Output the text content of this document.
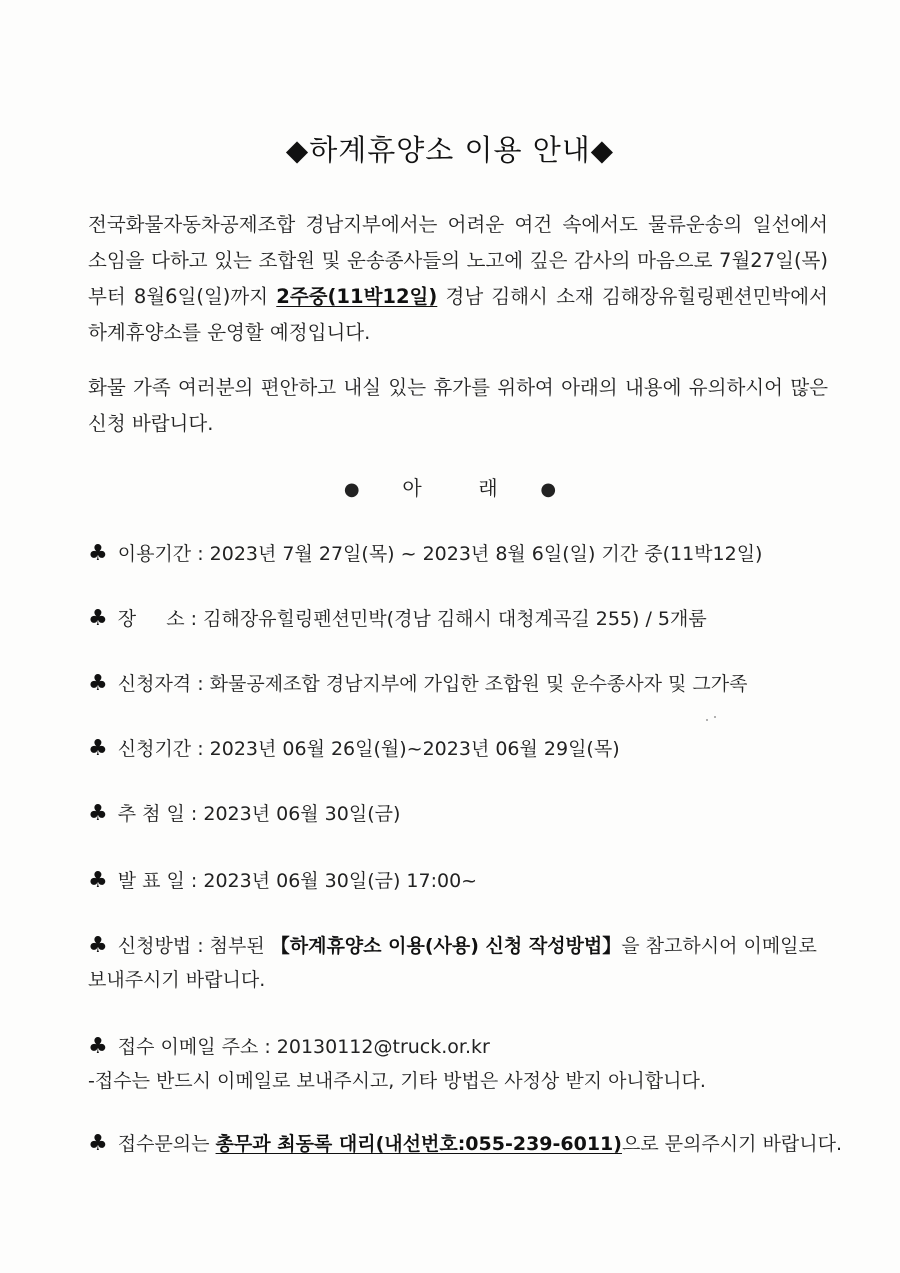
◆하계휴양소 이용 안내◆
전국화물자동차공제조합 경남지부에서는 어려운 여건 속에서도 물류운송의 일선에서 소임을 다하고 있는 조합원 및 운송종사들의 노고에 깊은 감사의 마음으로 7월27일(목)부터 8월6일(일)까지 2주중(11박12일) 경남 김해시 소재 김해장유힐링펜션민박에서 하계휴양소를 운영할 예정입니다.
화물 가족 여러분의 편안하고 내실 있는 휴가를 위하여 아래의 내용에 유의하시어 많은 신청 바랍니다.
● 아	래 ●
♣ 이용기간 : 2023년 7월 27일(목) ~ 2023년 8월 6일(일) 기간 중(11박12일)
♣ 장     소 : 김해장유힐링펜션민박(경남 김해시 대청계곡길 255) / 5개룸
♣ 신청자격 : 화물공제조합 경남지부에 가입한 조합원 및 운수종사자 및 그가족
♣ 신청기간 : 2023년 06월 26일(월)~2023년 06월 29일(목)
♣ 추 첨 일 : 2023년 06월 30일(금)
♣ 발 표 일 : 2023년 06월 30일(금) 17:00~
♣ 신청방법 : 첨부된 【하계휴양소 이용(사용) 신청 작성방법】을 참고하시어 이메일로 보내주시기 바랍니다.
♣ 접수 이메일 주소 : 20130112@truck.or.kr
-접수는 반드시 이메일로 보내주시고, 기타 방법은 사정상 받지 아니합니다.
♣ 접수문의는 총무과 최동록 대리(내선번호:055-239-6011)으로 문의주시기 바랍니다.
